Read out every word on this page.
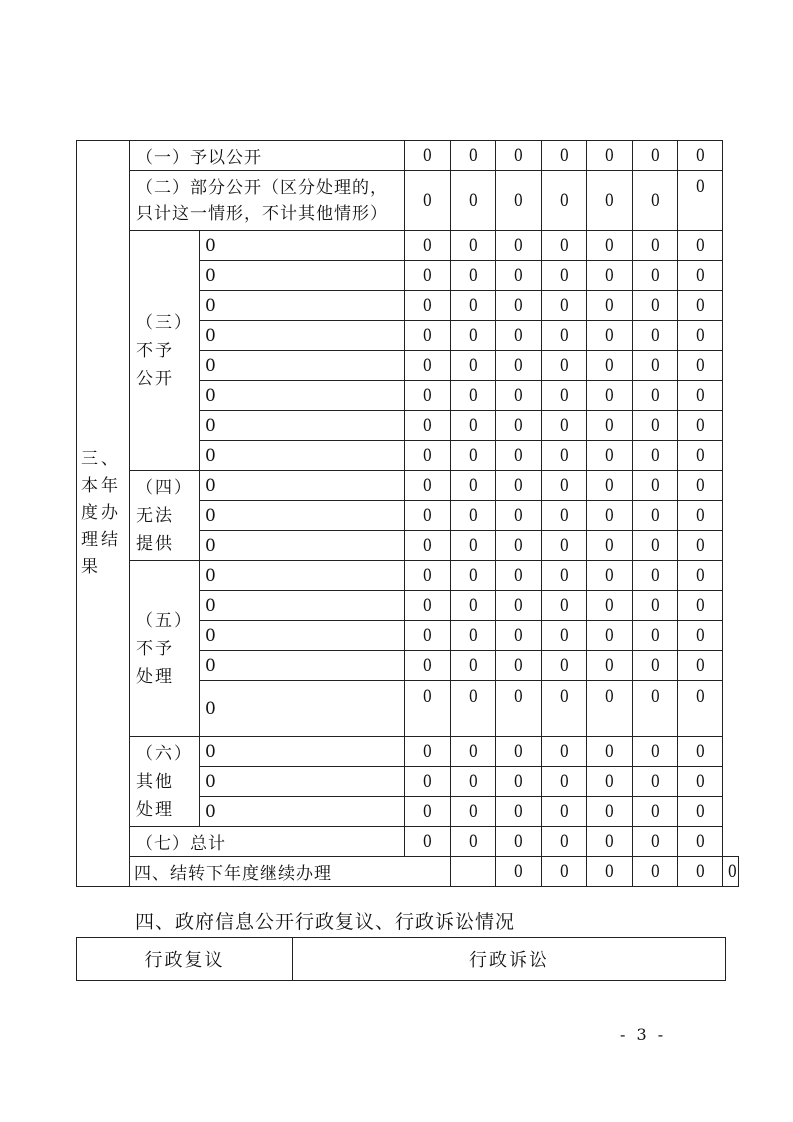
三、
本年
度办
理结
果	（一）予以公开		0	0	0	0	0	0	0	
	（二）部分公开（区分处理的，只计这一情形，不计其他情形）		0	0	0	0	0	0	0	
	（三）
不予
公开	0	0	0	0	0	0	0	0	
		0	0	0	0	0	0	0	0	
		0	0	0	0	0	0	0	0	
		0	0	0	0	0	0	0	0	
		0	0	0	0	0	0	0	0	
		0	0	0	0	0	0	0	0	
		0	0	0	0	0	0	0	0	
		0	0	0	0	0	0	0	0	
	（四）
无法
提供	0	0	0	0	0	0	0	0	
		0	0	0	0	0	0	0	0	
		0	0	0	0	0	0	0	0	
	（五）
不予
处理	0	0	0	0	0	0	0	0	
		0	0	0	0	0	0	0	0	
		0	0	0	0	0	0	0	0	
		0	0	0	0	0	0	0	0	
		0	0	0	0	0	0	0	0	
	（六）
其他
处理	0	0	0	0	0	0	0	0	
		0	0	0	0	0	0	0	0	
		0	0	0	0	0	0	0	0	
	（七）总计		0	0	0	0	0	0	0	
	四、结转下年度继续办理				0	0	0	0	0	0
四、政府信息公开行政复议、行政诉讼情况
行政复议	行政诉讼
- 3 -
